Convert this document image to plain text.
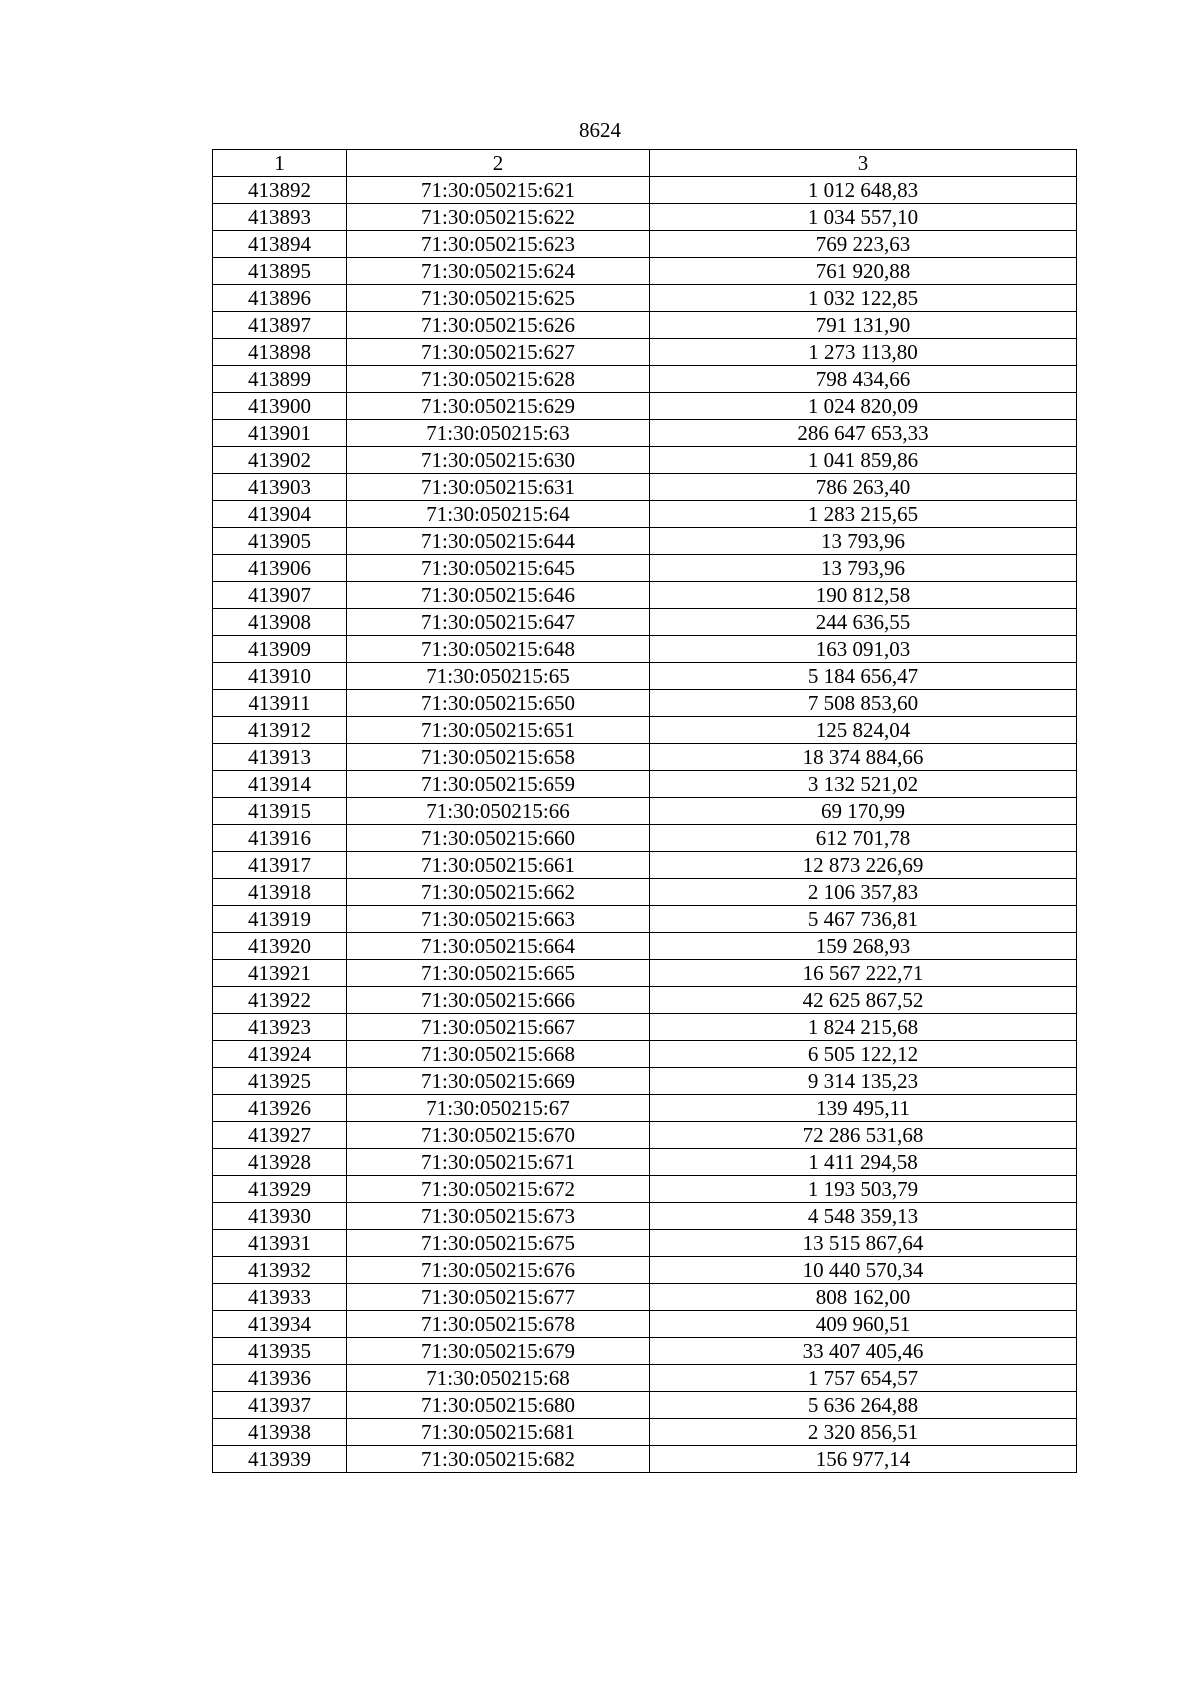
8624
1	2	3
413892	71:30:050215:621	1 012 648,83
413893	71:30:050215:622	1 034 557,10
413894	71:30:050215:623	769 223,63
413895	71:30:050215:624	761 920,88
413896	71:30:050215:625	1 032 122,85
413897	71:30:050215:626	791 131,90
413898	71:30:050215:627	1 273 113,80
413899	71:30:050215:628	798 434,66
413900	71:30:050215:629	1 024 820,09
413901	71:30:050215:63	286 647 653,33
413902	71:30:050215:630	1 041 859,86
413903	71:30:050215:631	786 263,40
413904	71:30:050215:64	1 283 215,65
413905	71:30:050215:644	13 793,96
413906	71:30:050215:645	13 793,96
413907	71:30:050215:646	190 812,58
413908	71:30:050215:647	244 636,55
413909	71:30:050215:648	163 091,03
413910	71:30:050215:65	5 184 656,47
413911	71:30:050215:650	7 508 853,60
413912	71:30:050215:651	125 824,04
413913	71:30:050215:658	18 374 884,66
413914	71:30:050215:659	3 132 521,02
413915	71:30:050215:66	69 170,99
413916	71:30:050215:660	612 701,78
413917	71:30:050215:661	12 873 226,69
413918	71:30:050215:662	2 106 357,83
413919	71:30:050215:663	5 467 736,81
413920	71:30:050215:664	159 268,93
413921	71:30:050215:665	16 567 222,71
413922	71:30:050215:666	42 625 867,52
413923	71:30:050215:667	1 824 215,68
413924	71:30:050215:668	6 505 122,12
413925	71:30:050215:669	9 314 135,23
413926	71:30:050215:67	139 495,11
413927	71:30:050215:670	72 286 531,68
413928	71:30:050215:671	1 411 294,58
413929	71:30:050215:672	1 193 503,79
413930	71:30:050215:673	4 548 359,13
413931	71:30:050215:675	13 515 867,64
413932	71:30:050215:676	10 440 570,34
413933	71:30:050215:677	808 162,00
413934	71:30:050215:678	409 960,51
413935	71:30:050215:679	33 407 405,46
413936	71:30:050215:68	1 757 654,57
413937	71:30:050215:680	5 636 264,88
413938	71:30:050215:681	2 320 856,51
413939	71:30:050215:682	156 977,14
